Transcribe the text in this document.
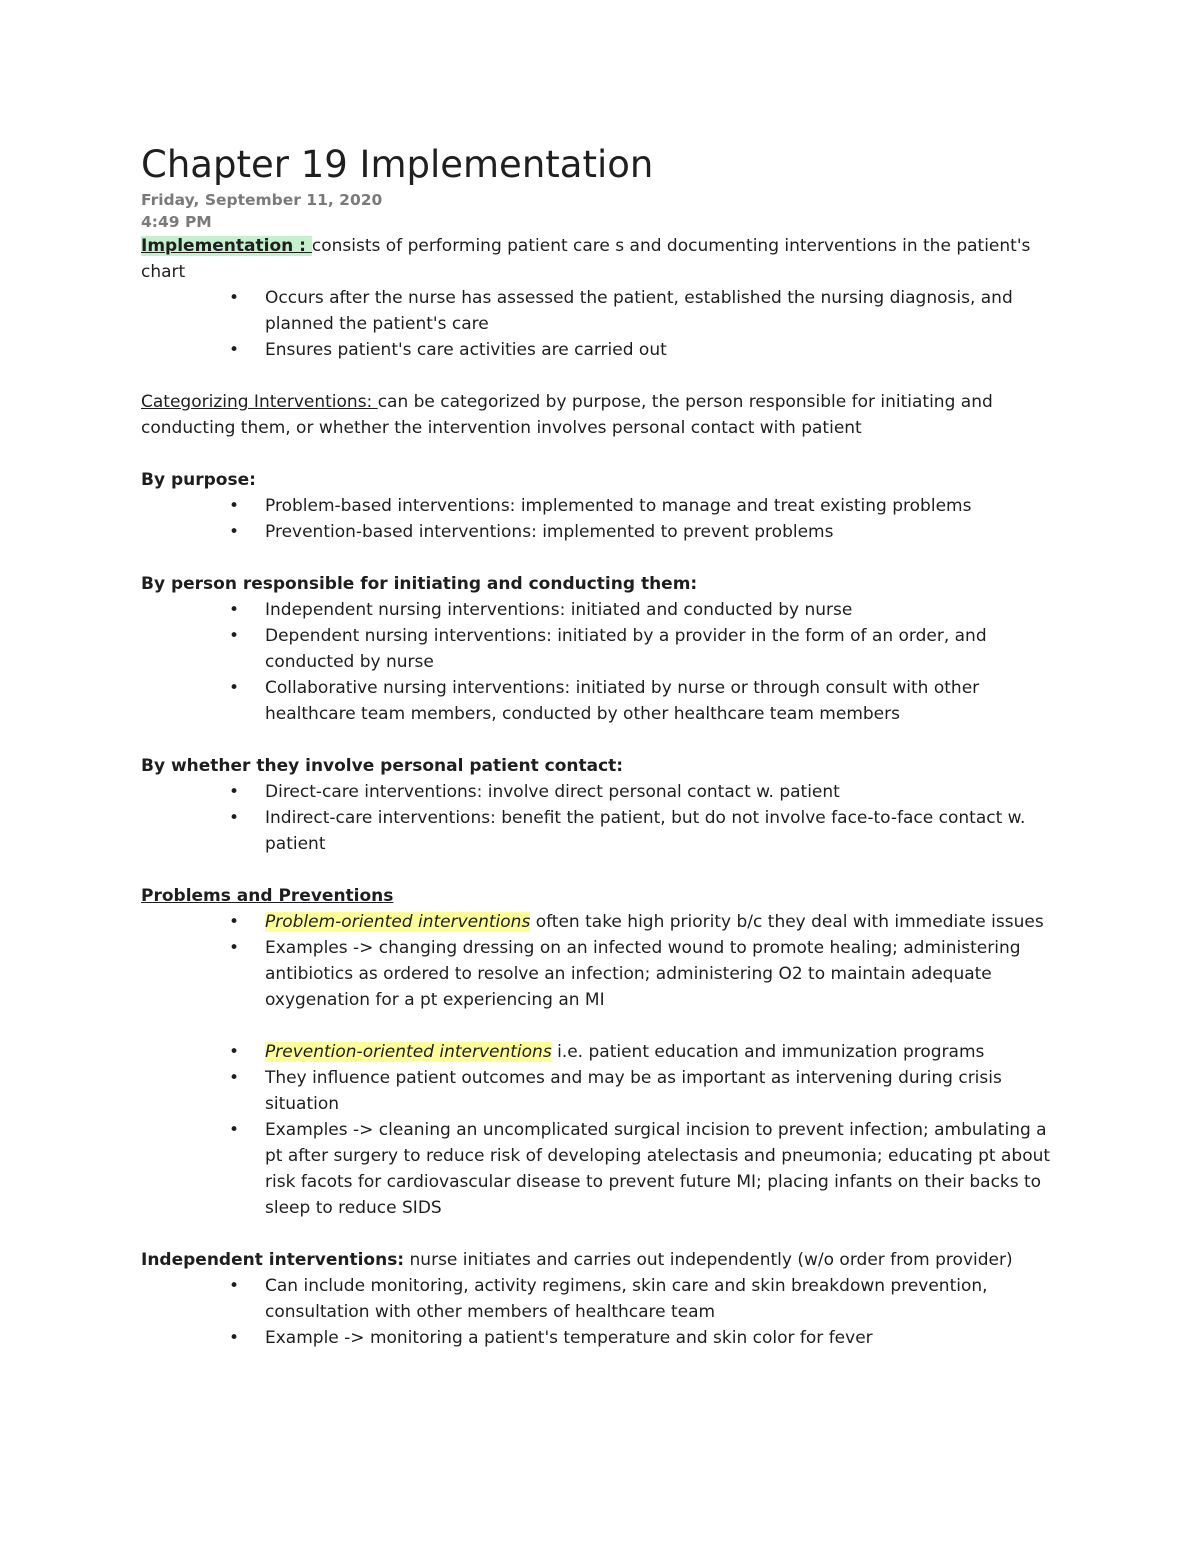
Chapter 19 Implementation

Friday, September 11, 2020

4:49 PM

Implementation : consists of performing patient care s and documenting interventions in the patient's chart

• Occurs after the nurse has assessed the patient, established the nursing diagnosis, and planned the patient's care
• Ensures patient's care activities are carried out

Categorizing Interventions: can be categorized by purpose, the person responsible for initiating and conducting them, or whether the intervention involves personal contact with patient

By purpose:

• Problem-based interventions: implemented to manage and treat existing problems
• Prevention-based interventions: implemented to prevent problems

By person responsible for initiating and conducting them:

• Independent nursing interventions: initiated and conducted by nurse
• Dependent nursing interventions: initiated by a provider in the form of an order, and conducted by nurse
• Collaborative nursing interventions: initiated by nurse or through consult with other healthcare team members, conducted by other healthcare team members

By whether they involve personal patient contact:

• Direct-care interventions: involve direct personal contact w. patient
• Indirect-care interventions: benefit the patient, but do not involve face-to-face contact w. patient

Problems and Preventions

• Problem-oriented interventions often take high priority b/c they deal with immediate issues
• Examples -> changing dressing on an infected wound to promote healing; administering antibiotics as ordered to resolve an infection; administering O2 to maintain adequate oxygenation for a pt experiencing an MI
• Prevention-oriented interventions i.e. patient education and immunization programs
• They influence patient outcomes and may be as important as intervening during crisis situation
• Examples -> cleaning an uncomplicated surgical incision to prevent infection; ambulating a pt after surgery to reduce risk of developing atelectasis and pneumonia; educating pt about risk facots for cardiovascular disease to prevent future MI; placing infants on their backs to sleep to reduce SIDS

Independent interventions: nurse initiates and carries out independently (w/o order from provider)

• Can include monitoring, activity regimens, skin care and skin breakdown prevention, consultation with other members of healthcare team
• Example -> monitoring a patient's temperature and skin color for fever
